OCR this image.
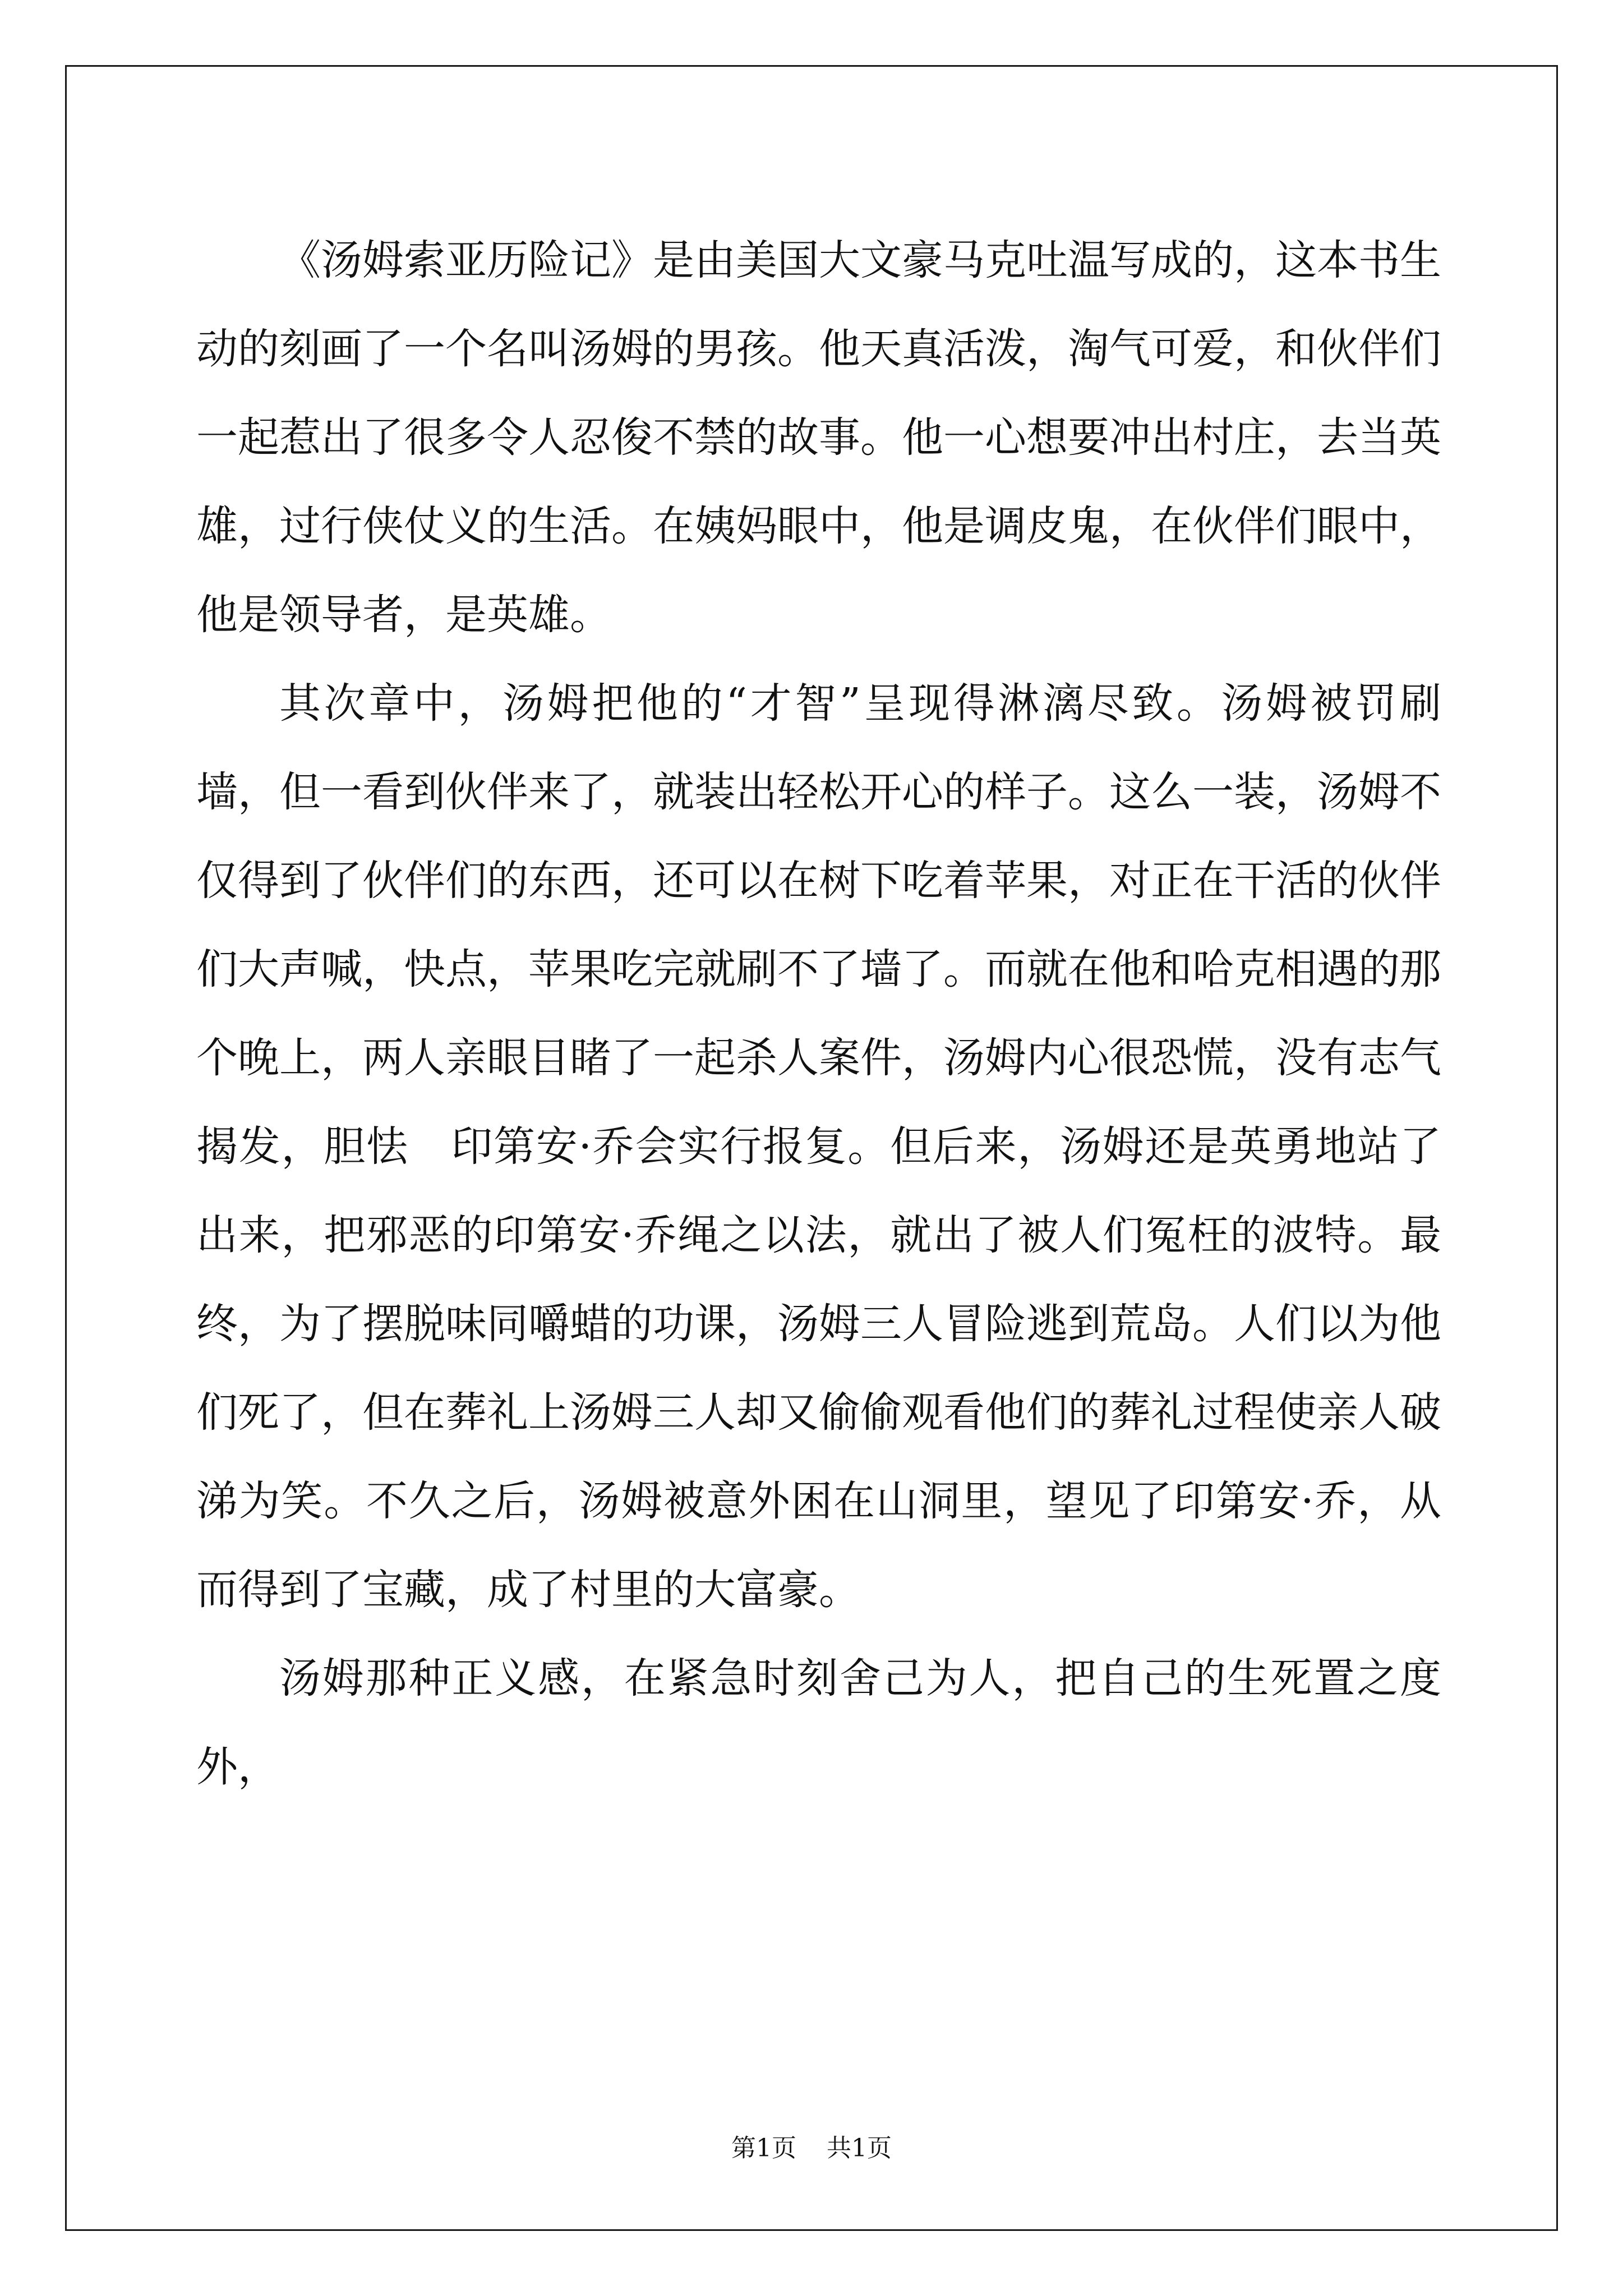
《汤姆索亚历险记》是由美国大文豪马克吐温写成的，这本书生动的刻画了一个名叫汤姆的男孩。他天真活泼，淘气可爱，和伙伴们一起惹出了很多令人忍俊不禁的故事。他一心想要冲出村庄，去当英雄，过行侠仗义的生活。在姨妈眼中，他是调皮鬼，在伙伴们眼中，他是领导者，是英雄。

其次章中，汤姆把他的“才智”呈现得淋漓尽致。汤姆被罚刷墙，但一看到伙伴来了，就装出轻松开心的样子。这么一装，汤姆不仅得到了伙伴们的东西，还可以在树下吃着苹果，对正在干活的伙伴们大声喊，快点，苹果吃完就刷不了墙了。而就在他和哈克相遇的那个晚上，两人亲眼目睹了一起杀人案件，汤姆内心很恐慌，没有志气揭发，胆怯　印第安·乔会实行报复。但后来，汤姆还是英勇地站了出来，把邪恶的印第安·乔绳之以法，就出了被人们冤枉的波特。最终，为了摆脱味同嚼蜡的功课，汤姆三人冒险逃到荒岛。人们以为他们死了，但在葬礼上汤姆三人却又偷偷观看他们的葬礼过程使亲人破涕为笑。不久之后，汤姆被意外困在山洞里，望见了印第安·乔，从而得到了宝藏，成了村里的大富豪。

汤姆那种正义感，在紧急时刻舍己为人，把自己的生死置之度外，

第1页 共1页
